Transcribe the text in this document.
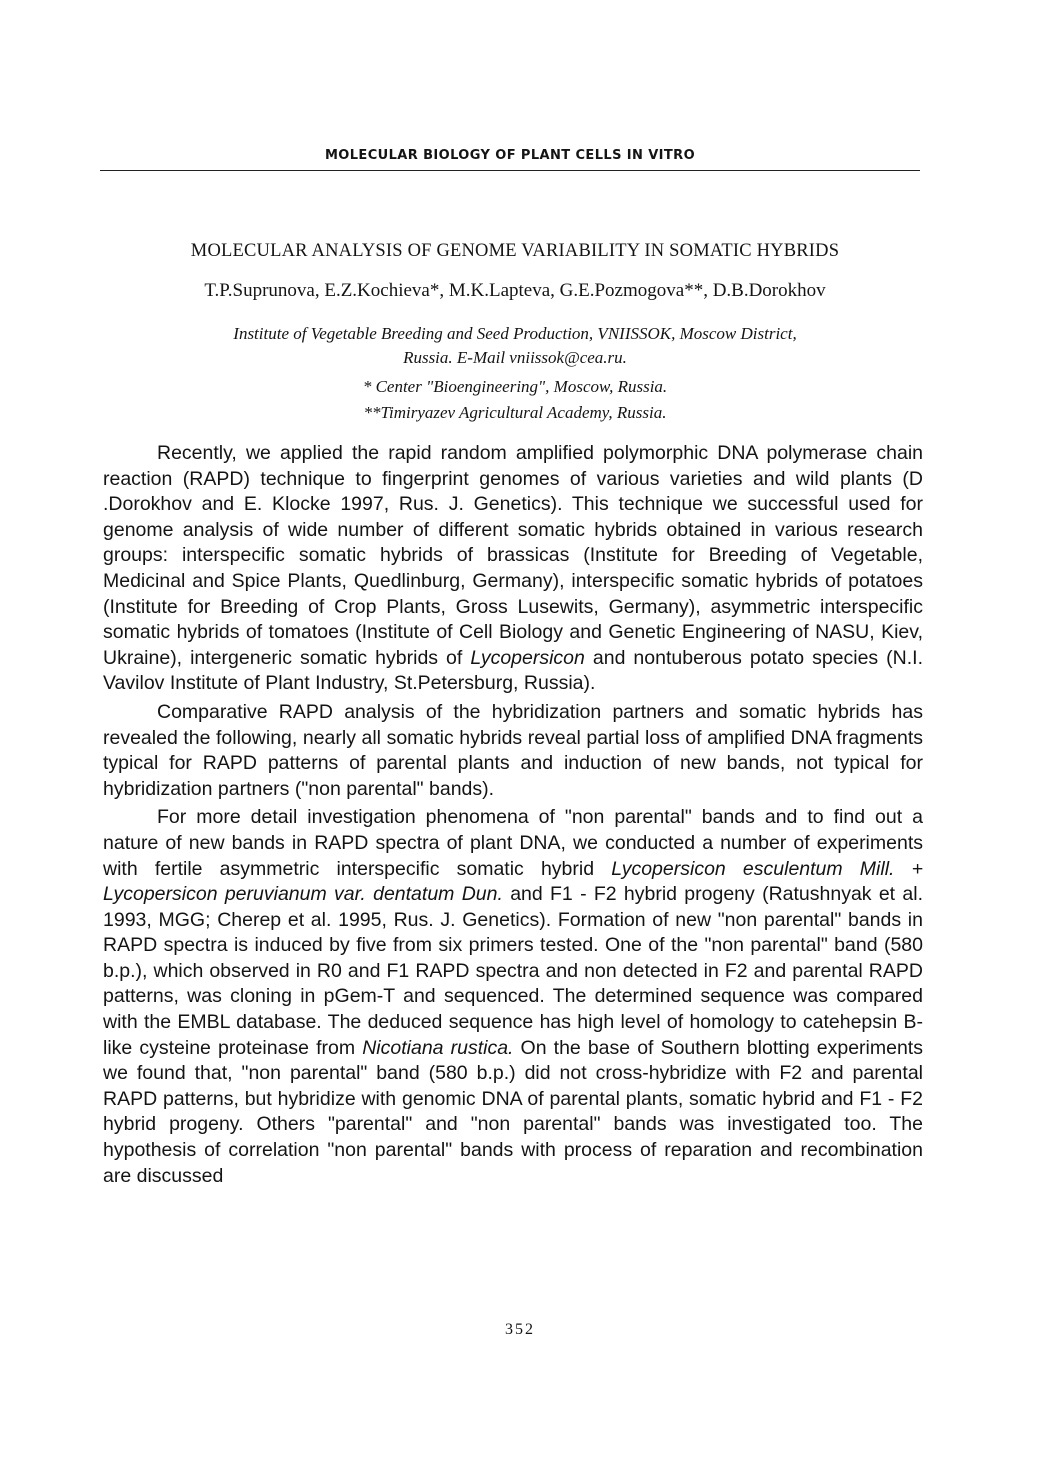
MOLECULAR BIOLOGY OF PLANT CELLS IN VITRO
MOLECULAR ANALYSIS OF GENOME VARIABILITY IN SOMATIC HYBRIDS
T.P.Suprunova, E.Z.Kochieva*, M.K.Lapteva, G.E.Pozmogova**, D.B.Dorokhov
Institute of Vegetable Breeding and Seed Production, VNIISSOK, Moscow District,
Russia. E-Mail vniissok@cea.ru.
* Center "Bioengineering", Moscow, Russia.
**Timiryazev Agricultural Academy, Russia.

Recently, we applied the rapid random amplified polymorphic DNA polymerase chain reaction (RAPD) technique to fingerprint genomes of various varieties and wild plants (D .Dorokhov and E. Klocke 1997, Rus. J. Genetics). This technique we successful used for genome analysis of wide number of different somatic hybrids obtained in various research groups: interspecific somatic hybrids of brassicas (Institute for Breeding of Vegetable, Medicinal and Spice Plants, Quedlinburg, Germany), interspecific somatic hybrids of potatoes (Institute for Breeding of Crop Plants, Gross Lusewits, Germany), asymmetric interspecific somatic hybrids of tomatoes (Institute of Cell Biology and Genetic Engineering of NASU, Kiev, Ukraine), intergeneric somatic hybrids of Lycopersicon and nontuberous potato species (N.I. Vavilov Institute of Plant Industry, St.Petersburg, Russia).

Comparative RAPD analysis of the hybridization partners and somatic hybrids has revealed the following, nearly all somatic hybrids reveal partial loss of amplified DNA fragments typical for RAPD patterns of parental plants and induction of new bands, not typical for hybridization partners ("non parental" bands).

For more detail investigation phenomena of "non parental" bands and to find out a nature of new bands in RAPD spectra of plant DNA, we conducted a number of experiments with fertile asymmetric interspecific somatic hybrid Lycopersicon esculentum Mill. + Lycopersicon peruvianum var. dentatum Dun. and F1 - F2 hybrid progeny (Ratushnyak et al. 1993, MGG; Cherep et al. 1995, Rus. J. Genetics). Formation of new "non parental" bands in RAPD spectra is induced by five from six primers tested. One of the "non parental" band (580 b.p.), which observed in R0 and F1 RAPD spectra and non detected in F2 and parental RAPD patterns, was cloning in pGem-T and sequenced. The determined sequence was compared with the EMBL database. The deduced sequence has high level of homology to catehepsin B-like cysteine proteinase from Nicotiana rustica. On the base of Southern blotting experiments we found that, "non parental" band (580 b.p.) did not cross-hybridize with F2 and parental RAPD patterns, but hybridize with genomic DNA of parental plants, somatic hybrid and F1 - F2 hybrid progeny. Others "parental" and "non parental" bands was investigated too. The hypothesis of correlation "non parental" bands with process of reparation and recombination are discussed

352
